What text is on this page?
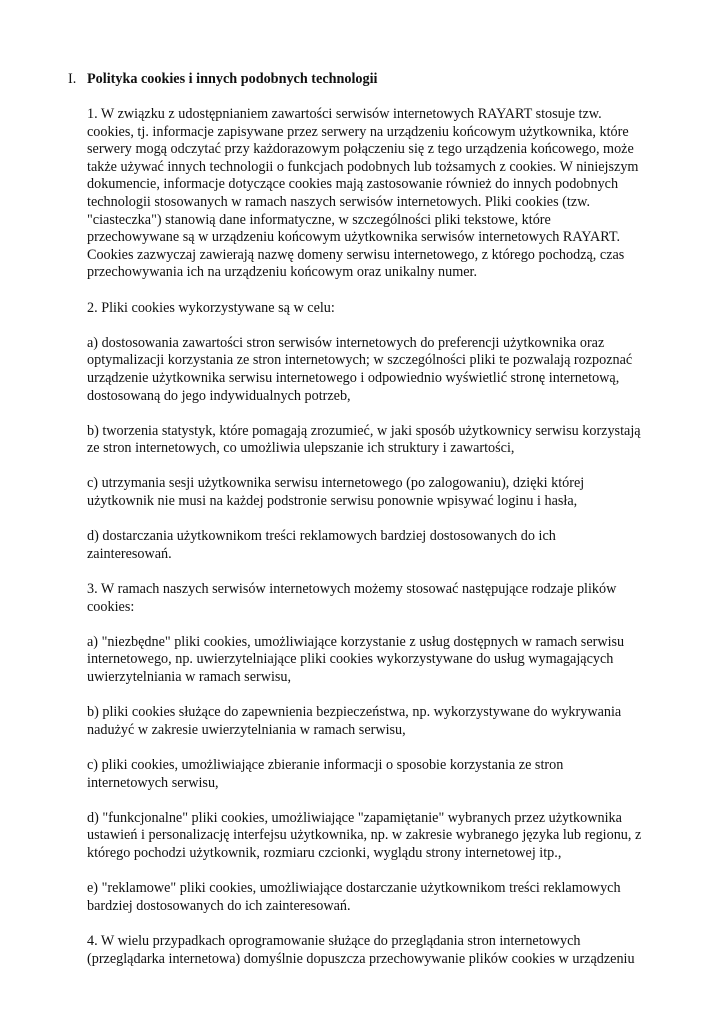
I. Polityka cookies i innych podobnych technologii

1. W związku z udostępnianiem zawartości serwisów internetowych RAYART stosuje tzw.
cookies, tj. informacje zapisywane przez serwery na urządzeniu końcowym użytkownika, które
serwery mogą odczytać przy każdorazowym połączeniu się z tego urządzenia końcowego, może
także używać innych technologii o funkcjach podobnych lub tożsamych z cookies. W niniejszym
dokumencie, informacje dotyczące cookies mają zastosowanie również do innych podobnych
technologii stosowanych w ramach naszych serwisów internetowych. Pliki cookies (tzw.
"ciasteczka") stanowią dane informatyczne, w szczególności pliki tekstowe, które
przechowywane są w urządzeniu końcowym użytkownika serwisów internetowych RAYART.
Cookies zazwyczaj zawierają nazwę domeny serwisu internetowego, z którego pochodzą, czas
przechowywania ich na urządzeniu końcowym oraz unikalny numer.

2. Pliki cookies wykorzystywane są w celu:

a) dostosowania zawartości stron serwisów internetowych do preferencji użytkownika oraz
optymalizacji korzystania ze stron internetowych; w szczególności pliki te pozwalają rozpoznać
urządzenie użytkownika serwisu internetowego i odpowiednio wyświetlić stronę internetową,
dostosowaną do jego indywidualnych potrzeb,

b) tworzenia statystyk, które pomagają zrozumieć, w jaki sposób użytkownicy serwisu korzystają
ze stron internetowych, co umożliwia ulepszanie ich struktury i zawartości,

c) utrzymania sesji użytkownika serwisu internetowego (po zalogowaniu), dzięki której
użytkownik nie musi na każdej podstronie serwisu ponownie wpisywać loginu i hasła,

d) dostarczania użytkownikom treści reklamowych bardziej dostosowanych do ich
zainteresowań.

3. W ramach naszych serwisów internetowych możemy stosować następujące rodzaje plików
cookies:

a) "niezbędne" pliki cookies, umożliwiające korzystanie z usług dostępnych w ramach serwisu
internetowego, np. uwierzytelniające pliki cookies wykorzystywane do usług wymagających
uwierzytelniania w ramach serwisu,

b) pliki cookies służące do zapewnienia bezpieczeństwa, np. wykorzystywane do wykrywania
nadużyć w zakresie uwierzytelniania w ramach serwisu,

c) pliki cookies, umożliwiające zbieranie informacji o sposobie korzystania ze stron
internetowych serwisu,

d) "funkcjonalne" pliki cookies, umożliwiające "zapamiętanie" wybranych przez użytkownika
ustawień i personalizację interfejsu użytkownika, np. w zakresie wybranego języka lub regionu, z
którego pochodzi użytkownik, rozmiaru czcionki, wyglądu strony internetowej itp.,

e) "reklamowe" pliki cookies, umożliwiające dostarczanie użytkownikom treści reklamowych
bardziej dostosowanych do ich zainteresowań.

4. W wielu przypadkach oprogramowanie służące do przeglądania stron internetowych
(przeglądarka internetowa) domyślnie dopuszcza przechowywanie plików cookies w urządzeniu
